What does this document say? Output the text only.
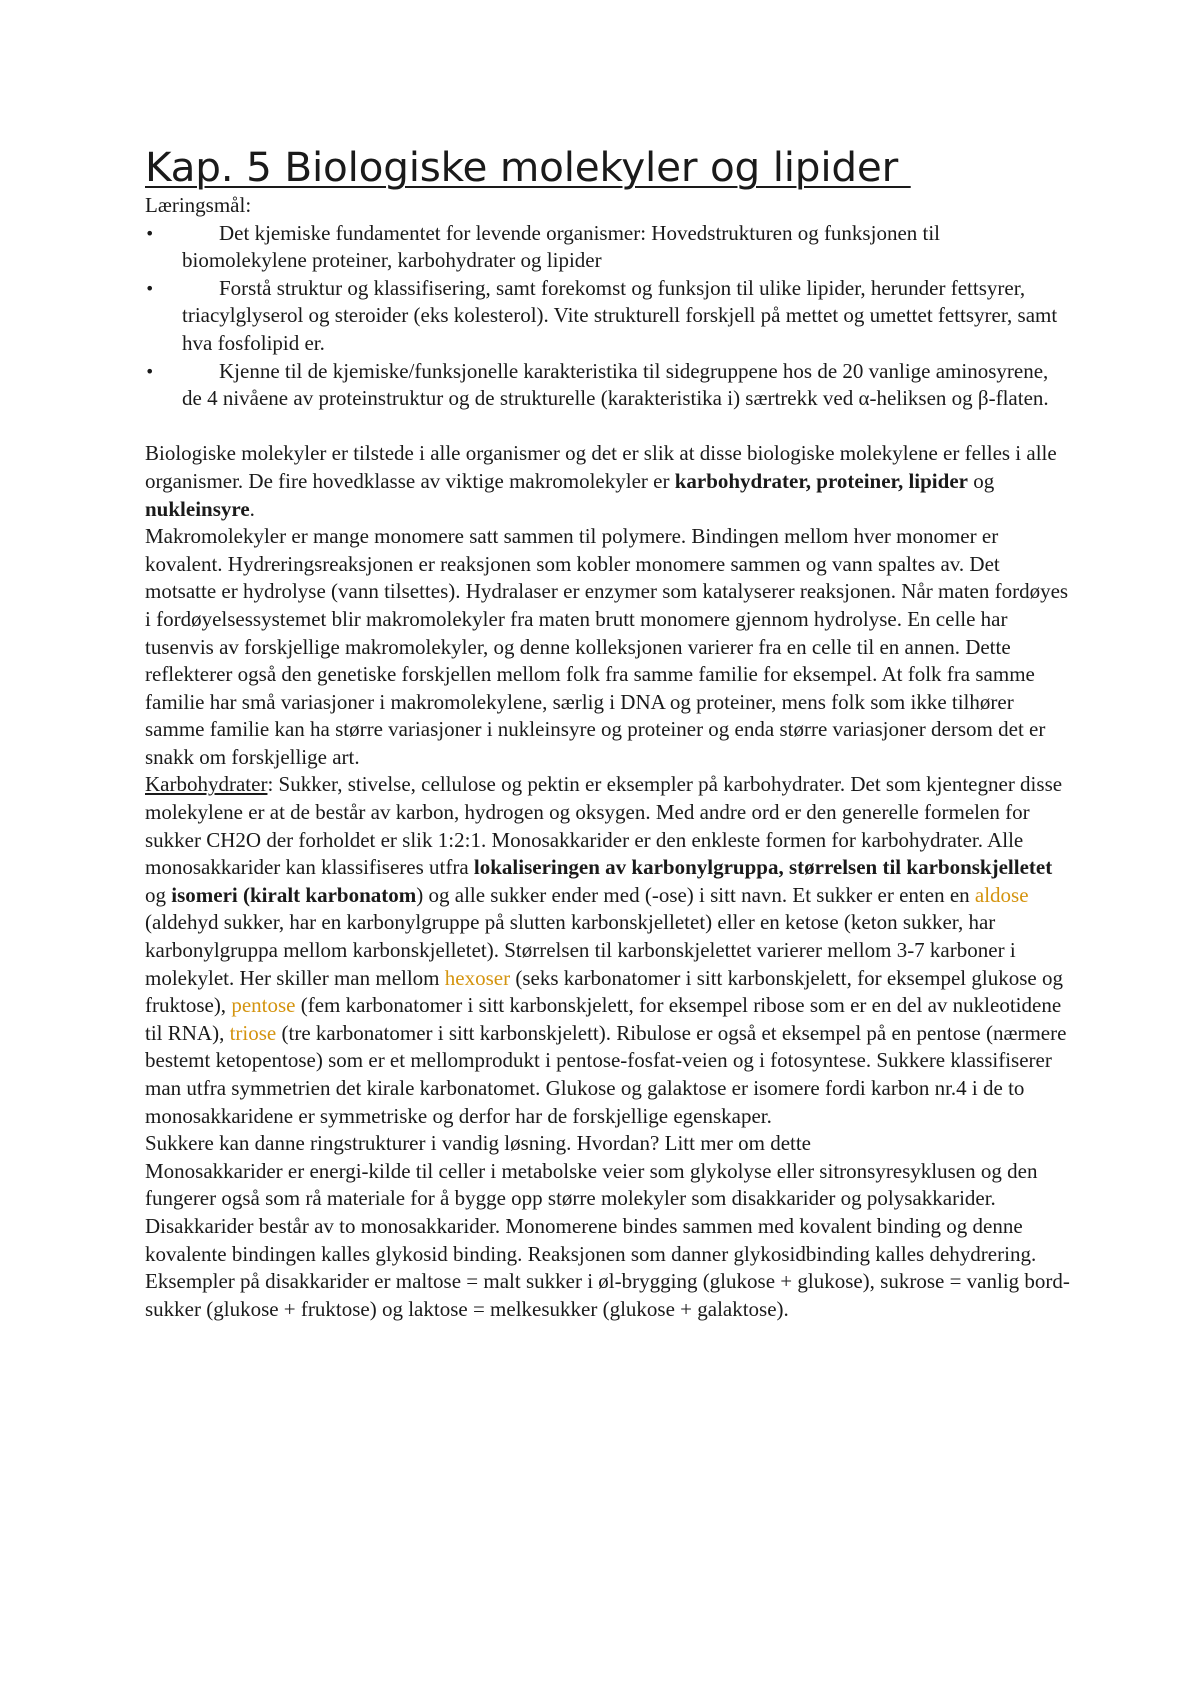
Kap. 5 Biologiske molekyler og lipider

Læringsmål:

•	Det kjemiske fundamentet for levende organismer: Hovedstrukturen og funksjonen til biomolekylene proteiner, karbohydrater og lipider
•	Forstå struktur og klassifisering, samt forekomst og funksjon til ulike lipider, herunder fettsyrer, triacylglyserol og steroider (eks kolesterol). Vite strukturell forskjell på mettet og umettet fettsyrer, samt hva fosfolipid er.
•	Kjenne til de kjemiske/funksjonelle karakteristika til sidegruppene hos de 20 vanlige aminosyrene, de 4 nivåene av proteinstruktur og de strukturelle (karakteristika i) særtrekk ved α-heliksen og β-flaten.

Biologiske molekyler er tilstede i alle organismer og det er slik at disse biologiske molekylene er felles i alle organismer. De fire hovedklasse av viktige makromolekyler er karbohydrater, proteiner, lipider og nukleinsyre.

Makromolekyler er mange monomere satt sammen til polymere. Bindingen mellom hver monomer er kovalent. Hydreringsreaksjonen er reaksjonen som kobler monomere sammen og vann spaltes av. Det motsatte er hydrolyse (vann tilsettes). Hydralaser er enzymer som katalyserer reaksjonen. Når maten fordøyes i fordøyelsessystemet blir makromolekyler fra maten brutt monomere gjennom hydrolyse. En celle har tusenvis av forskjellige makromolekyler, og denne kolleksjonen varierer fra en celle til en annen. Dette reflekterer også den genetiske forskjellen mellom folk fra samme familie for eksempel. At folk fra samme familie har små variasjoner i makromolekylene, særlig i DNA og proteiner, mens folk som ikke tilhører samme familie kan ha større variasjoner i nukleinsyre og proteiner og enda større variasjoner dersom det er snakk om forskjellige art.

Karbohydrater: Sukker, stivelse, cellulose og pektin er eksempler på karbohydrater. Det som kjentegner disse molekylene er at de består av karbon, hydrogen og oksygen. Med andre ord er den generelle formelen for sukker CH2O der forholdet er slik 1:2:1. Monosakkarider er den enkleste formen for karbohydrater. Alle monosakkarider kan klassifiseres utfra lokaliseringen av karbonylgruppa, størrelsen til karbonskjelletet og isomeri (kiralt karbonatom) og alle sukker ender med (-ose) i sitt navn. Et sukker er enten en aldose (aldehyd sukker, har en karbonylgruppe på slutten karbonskjelletet) eller en ketose (keton sukker, har karbonylgruppa mellom karbonskjelletet). Størrelsen til karbonskjelettet varierer mellom 3-7 karboner i molekylet. Her skiller man mellom hexoser (seks karbonatomer i sitt karbonskjelett, for eksempel glukose og fruktose), pentose (fem karbonatomer i sitt karbonskjelett, for eksempel ribose som er en del av nukleotidene til RNA), triose (tre karbonatomer i sitt karbonskjelett). Ribulose er også et eksempel på en pentose (nærmere bestemt ketopentose) som er et mellomprodukt i pentose-fosfat-veien og i fotosyntese. Sukkere klassifiserer man utfra symmetrien det kirale karbonatomet. Glukose og galaktose er isomere fordi karbon nr.4 i de to monosakkaridene er symmetriske og derfor har de forskjellige egenskaper.

Sukkere kan danne ringstrukturer i vandig løsning. Hvordan? Litt mer om dette

Monosakkarider er energi-kilde til celler i metabolske veier som glykolyse eller sitronsyresyklusen og den fungerer også som rå materiale for å bygge opp større molekyler som disakkarider og polysakkarider. Disakkarider består av to monosakkarider. Monomerene bindes sammen med kovalent binding og denne kovalente bindingen kalles glykosid binding. Reaksjonen som danner glykosidbinding kalles dehydrering. Eksempler på disakkarider er maltose = malt sukker i øl-brygging (glukose + glukose), sukrose = vanlig bord-sukker (glukose + fruktose) og laktose = melkesukker (glukose + galaktose).
